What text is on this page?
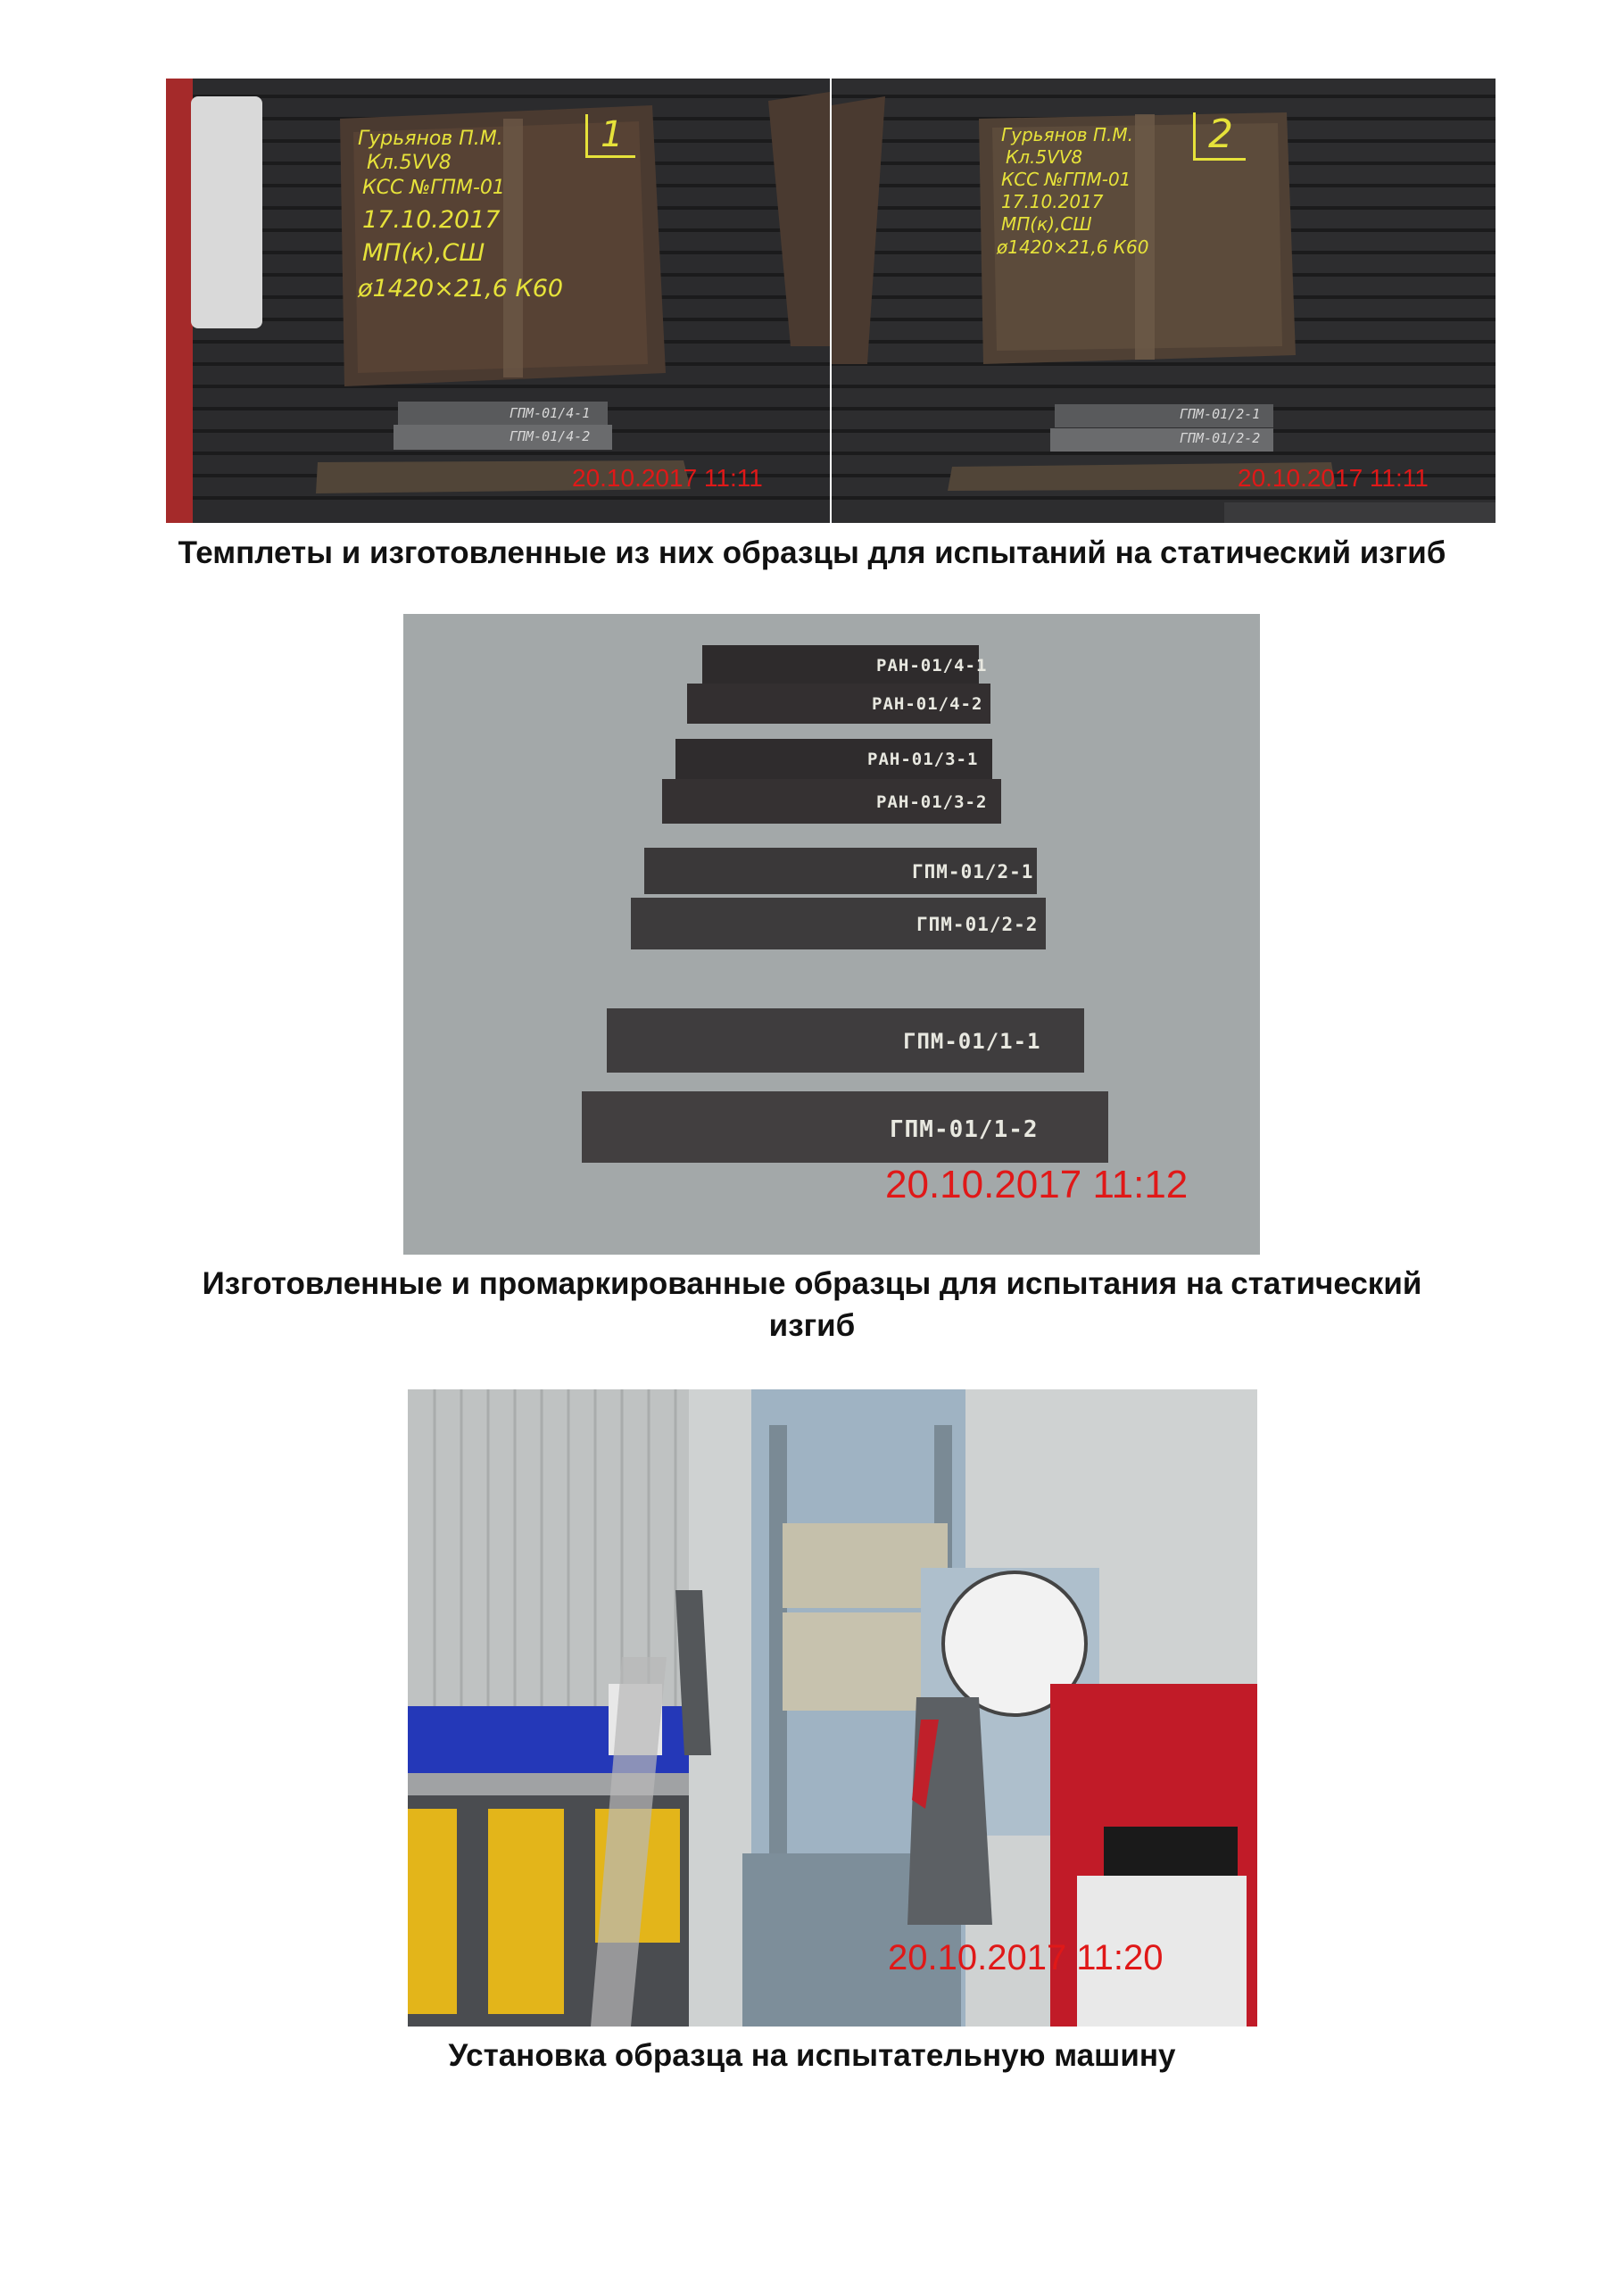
Гурьянов П.М.
Кл.5VV8
КСС №ГПМ-01
17.10.2017
МП(к),СШ
ø1420×21,6 К60
1
ГПМ-01/4-1
ГПМ-01/4-2
20.10.2017 11:11
Гурьянов П.М.
Кл.5VV8
КСС №ГПМ-01
17.10.2017
МП(к),СШ
ø1420×21,6 К60
2
ГПМ-01/2-1
ГПМ-01/2-2
20.10.2017 11:11
Темплеты и изготовленные из них образцы для испытаний на статический изгиб
РАН-01/4-1
РАН-01/4-2
РАН-01/3-1
РАН-01/3-2
ГПМ-01/2-1
ГПМ-01/2-2
ГПМ-01/1-1
ГПМ-01/1-2
20.10.2017 11:12
Изготовленные и промаркированные образцы для испытания на статический изгиб
20.10.2017 11:20
Установка образца на испытательную машину
